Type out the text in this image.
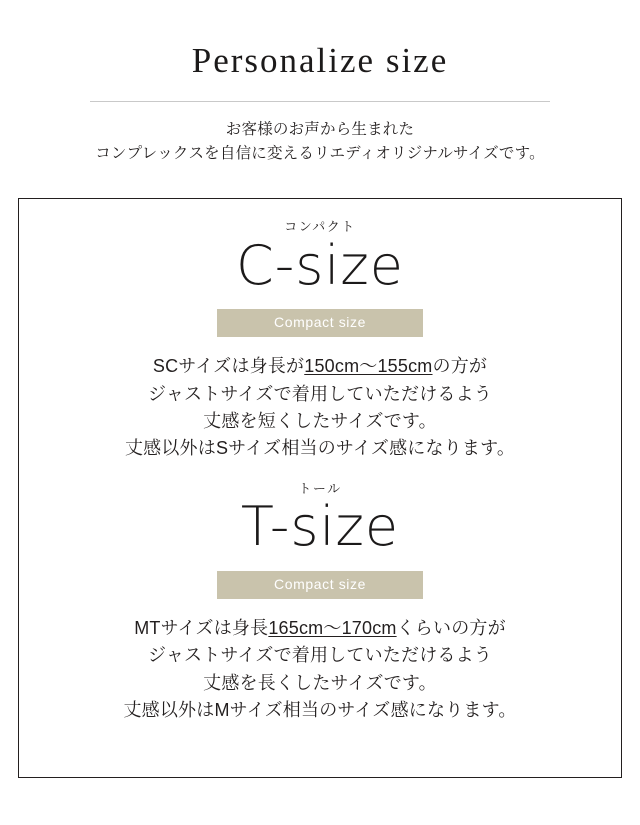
Personalize size
お客様のお声から生まれた
コンプレックスを自信に変えるリエディオリジナルサイズです。

コンパクト

C-size

Compact size
SCサイズは身長が150cm〜155cmの方が
ジャストサイズで着用していただけるよう
丈感を短くしたサイズです。
丈感以外はSサイズ相当のサイズ感になります。

トール

T-size

Compact size
MTサイズは身長165cm〜170cmくらいの方が
ジャストサイズで着用していただけるよう
丈感を長くしたサイズです。
丈感以外はMサイズ相当のサイズ感になります。
